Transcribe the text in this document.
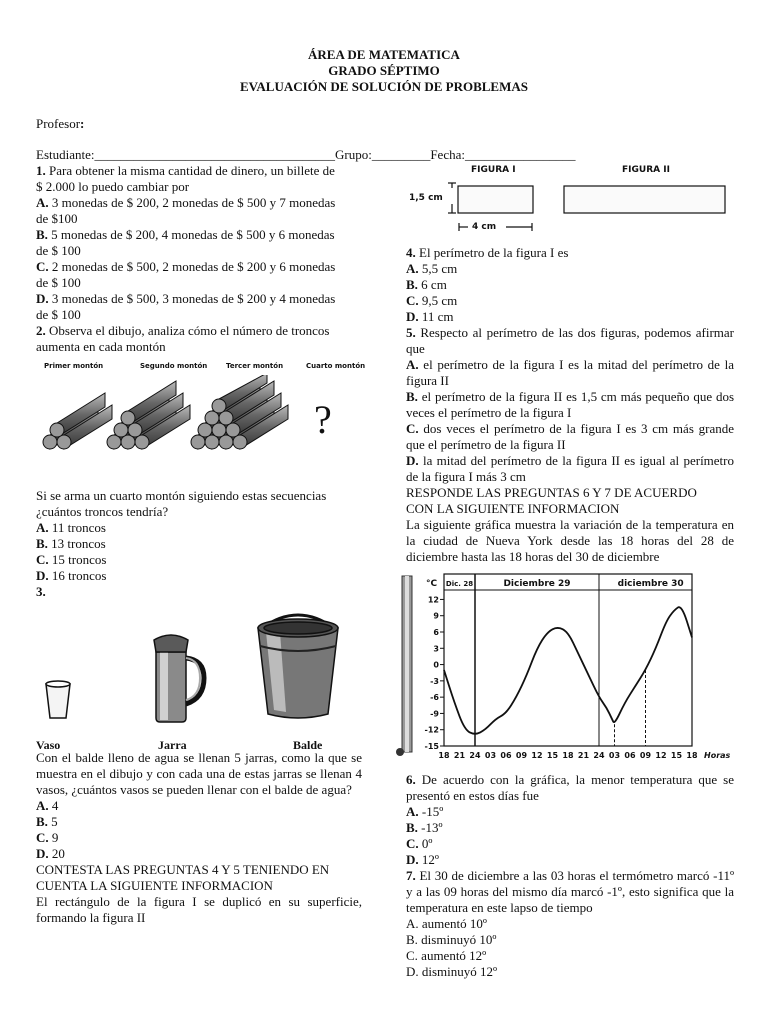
ÁREA DE MATEMATICA
GRADO SÉPTIMO
EVALUACIÓN DE SOLUCIÓN DE PROBLEMAS
Profesor:
Estudiante:_____________________________________Grupo:_________Fecha:_________________
1. Para obtener la misma cantidad de dinero, un billete de
$ 2.000 lo puedo cambiar por
A. 3 monedas de $ 200, 2 monedas de $ 500 y 7 monedas
de $100
B. 5 monedas de $ 200, 4 monedas de $ 500 y 6 monedas
de $ 100
C. 2 monedas de $ 500, 2 monedas de $ 200 y 6 monedas
de $ 100
D. 3 monedas de $ 500, 3 monedas de $ 200 y 4 monedas
de $ 100
2. Observa el dibujo, analiza cómo el número de troncos
aumenta en cada montón
Primer montón	Segundo montón	Tercer montón	Cuarto montón
?
Si se arma un cuarto montón siguiendo estas secuencias
¿cuántos troncos tendría?
A. 11 troncos
B. 13 troncos
C. 15 troncos
D. 16 troncos
3.
Vaso	Jarra	Balde
Con el balde lleno de agua se llenan 5 jarras, como la que se muestra en el dibujo y con cada una de estas jarras se llenan 4 vasos, ¿cuántos vasos se pueden llenar con el balde de agua?
A. 4
B. 5
C. 9
D. 20
CONTESTA LAS PREGUNTAS 4 Y 5 TENIENDO EN
CUENTA LA SIGUIENTE INFORMACION
El rectángulo de la figura I se duplicó en su superficie, formando la figura II
FIGURA I	FIGURA II
1,5 cm
4 cm
4. El perímetro de la figura I es
A. 5,5 cm
B. 6 cm
C. 9,5 cm
D. 11 cm
5. Respecto al perímetro de las dos figuras, podemos afirmar que
A. el perímetro de la figura I es la mitad del perímetro de la figura II
B. el perímetro de la figura II es 1,5 cm más pequeño que dos veces el perímetro de la figura I
C. dos veces el perímetro de la figura I es 3 cm más grande que el perímetro de la figura II
D. la mitad del perímetro de la figura II es igual al perímetro de la figura I más 3 cm
RESPONDE LAS PREGUNTAS 6 Y 7 DE ACUERDO
CON LA SIGUIENTE INFORMACION
La siguiente gráfica muestra la variación de la temperatura en la ciudad de Nueva York desde las 18 horas del 28 de diciembre hasta las 18 horas del 30 de diciembre
Dic. 28	Diciembre 29	diciembre 30
°C
12
9
6
3
0
-3
-6
-9
-12
-15
18 21 24 03 06 09 12 15 18 21 24 03 06 09 12 15 18 Horas
6. De acuerdo con la gráfica, la menor temperatura que se presentó en estos días fue
A. -15º
B. -13º
C. 0º
D. 12º
7. El 30 de diciembre a las 03 horas el termómetro marcó -11º y a las 09 horas del mismo día marcó -1º, esto significa que la temperatura en este lapso de tiempo
A. aumentó 10º
B. disminuyó 10º
C. aumentó 12º
D. disminuyó 12º
